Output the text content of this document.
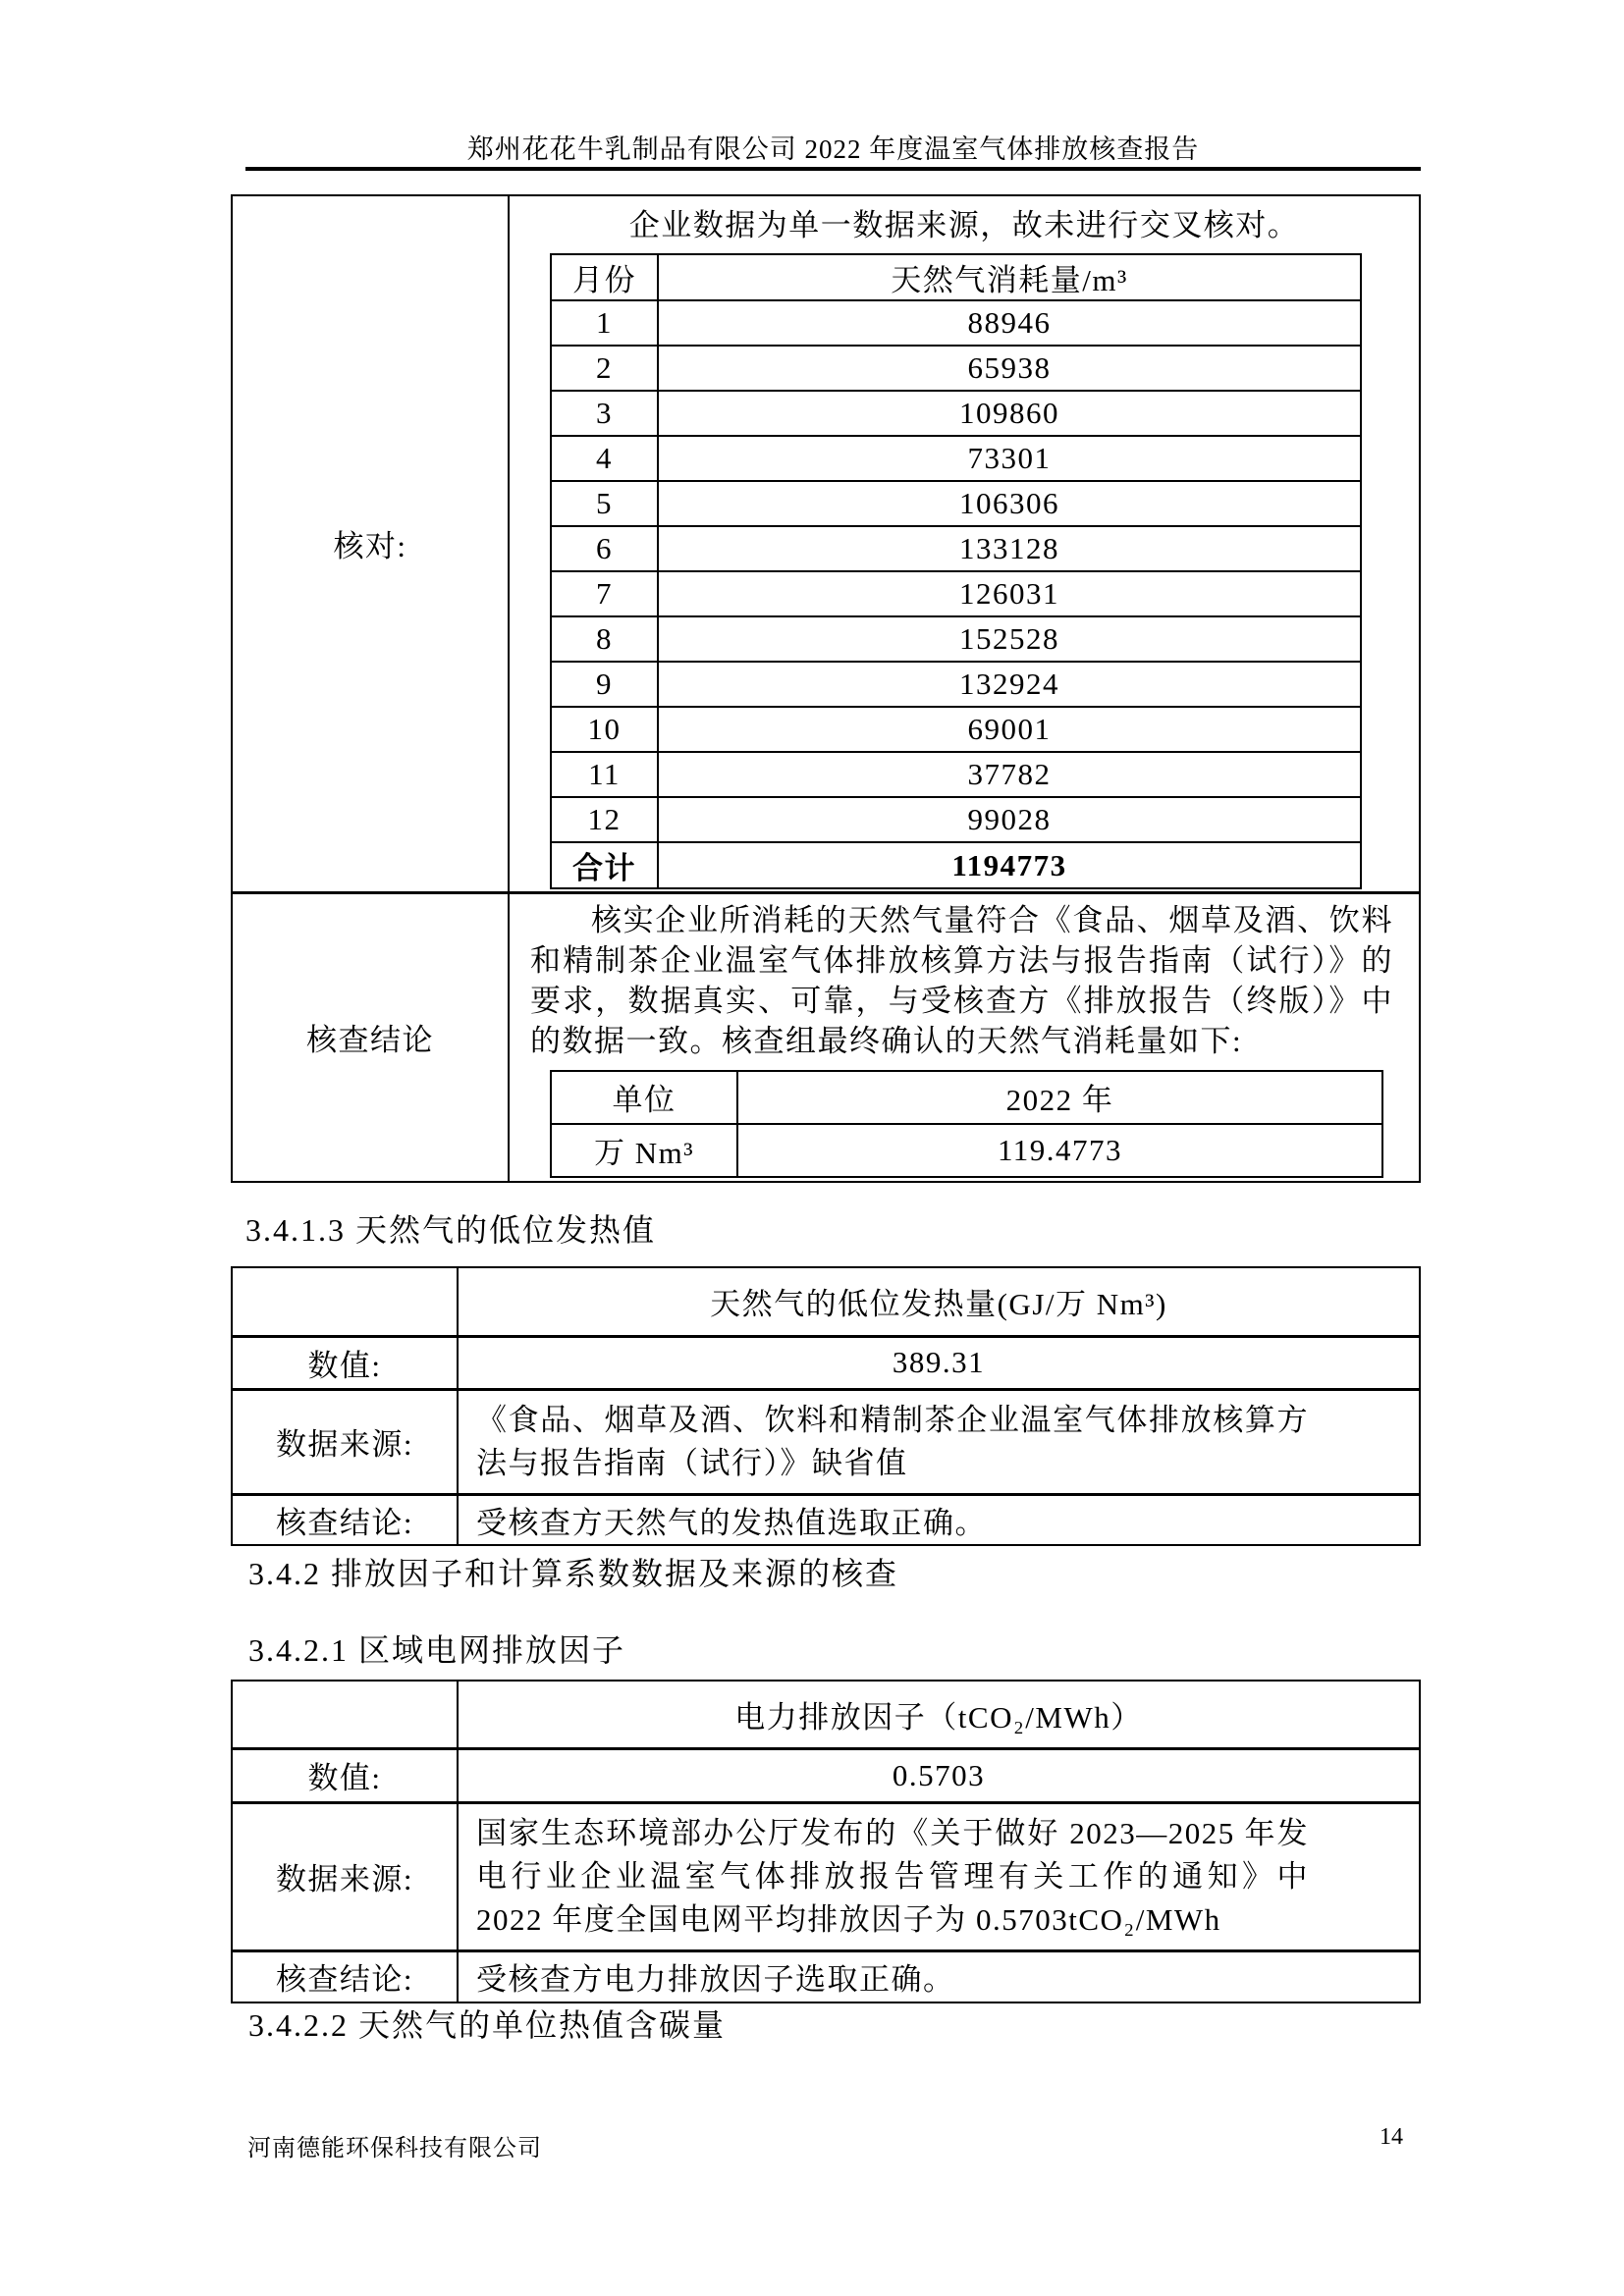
郑州花花牛乳制品有限公司 2022 年度温室气体排放核查报告
核对:	
企业数据为单一数据来源，故未进行交叉核对。
月份	天然气消耗量/m³
1	88946
2	65938
3	109860
4	73301
5	106306
6	133128
7	126031
8	152528
9	132924
10	69001
11	37782
12	99028
合计	1194773

核查结论	
核实企业所消耗的天然气量符合《食品、烟草及酒、饮料和精制茶企业温室气体排放核算方法与报告指南（试行）》的要求，数据真实、可靠，与受核查方《排放报告（终版）》中的数据一致。核查组最终确认的天然气消耗量如下:
单位	2022 年
万 Nm³	119.4773
3.4.1.3 天然气的低位发热值
	天然气的低位发热量(GJ/万 Nm³)
数值:	389.31
数据来源:	《食品、烟草及酒、饮料和精制茶企业温室气体排放核算方法与报告指南（试行）》缺省值
核查结论:	受核查方天然气的发热值选取正确。
3.4.2 排放因子和计算系数数据及来源的核查
3.4.2.1 区域电网排放因子
	电力排放因子（tCO₂/MWh）
数值:	0.5703
数据来源:	国家生态环境部办公厅发布的《关于做好 2023—2025 年发电行业企业温室气体排放报告管理有关工作的通知》中 2022 年度全国电网平均排放因子为 0.5703tCO₂/MWh
核查结论:	受核查方电力排放因子选取正确。
3.4.2.2 天然气的单位热值含碳量
河南德能环保科技有限公司	14
